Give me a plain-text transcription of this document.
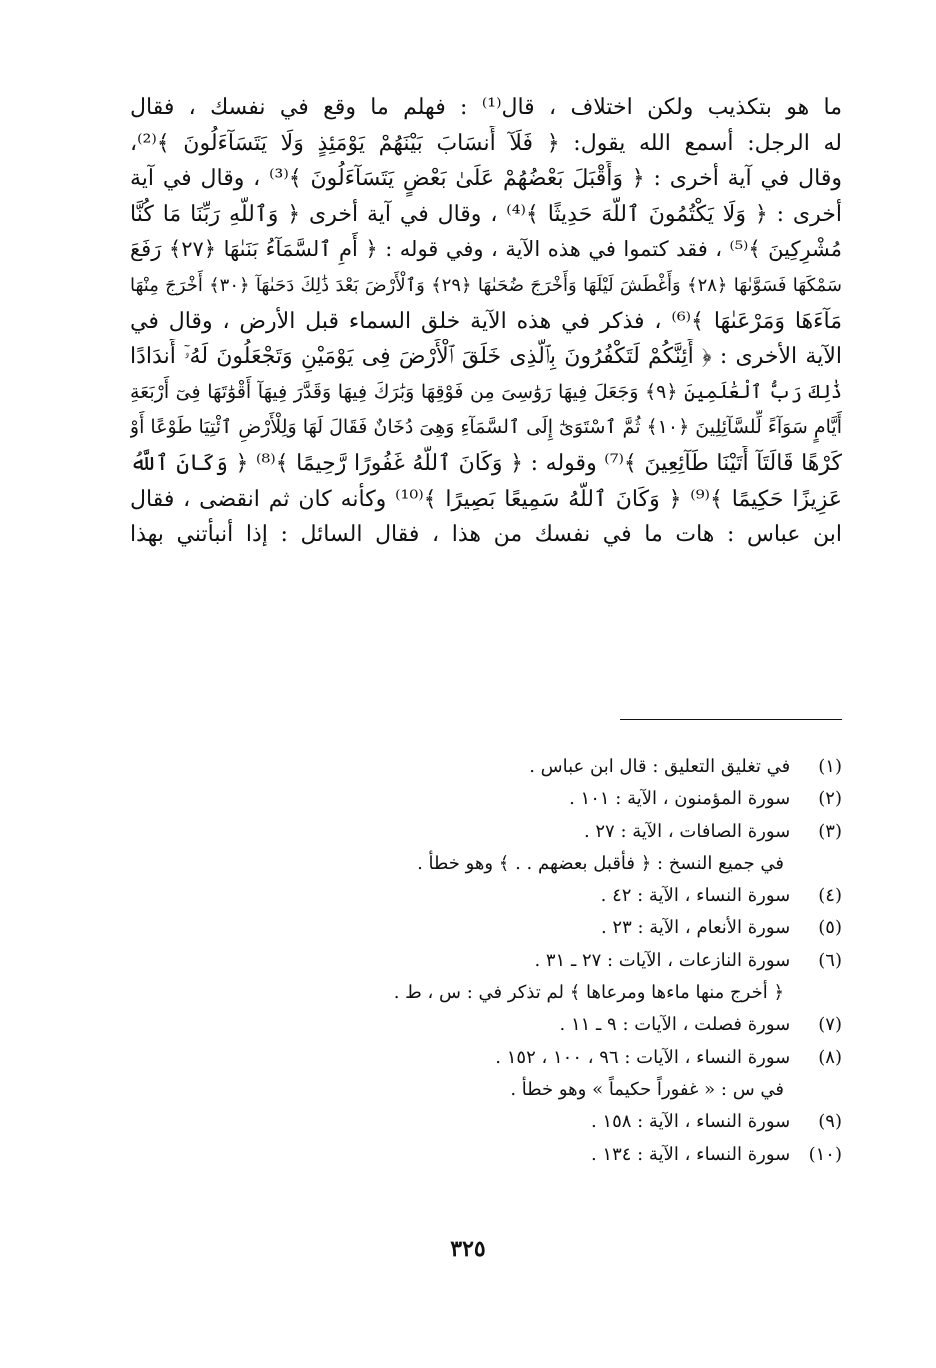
ما هو بتكذيب ولكن اختلاف ، قال⁽¹⁾ : فهلم ما وقع في نفسك ، فقال
له الرجل: أسمع الله يقول: ﴿ فَلَآ أَنسَابَ بَيْنَهُمْ يَوْمَئِذٍ وَلَا يَتَسَآءَلُونَ ﴾⁽²⁾،
وقال في آية أخرى : ﴿ وَأَقْبَلَ بَعْضُهُمْ عَلَىٰ بَعْضٍ يَتَسَآءَلُونَ ﴾⁽³⁾ ، وقال في آية
أخرى : ﴿ وَلَا يَكْتُمُونَ ٱللَّهَ حَدِيثًا ﴾⁽⁴⁾ ، وقال في آية أخرى ﴿ وَٱللَّهِ رَبِّنَا مَا كُنَّا
مُشْرِكِينَ ﴾⁽⁵⁾ ، فقد كتموا في هذه الآية ، وفي قوله : ﴿ أَمِ ٱلسَّمَآءُ بَنَىٰهَا ﴿٢٧﴾ رَفَعَ
سَمْكَهَا فَسَوَّىٰهَا ﴿٢٨﴾ وَأَغْطَشَ لَيْلَهَا وَأَخْرَجَ ضُحَىٰهَا ﴿٢٩﴾ وَٱلْأَرْضَ بَعْدَ ذَٰلِكَ دَحَىٰهَآ ﴿٣٠﴾ أَخْرَجَ مِنْهَا
مَآءَهَا وَمَرْعَىٰهَا ﴾⁽⁶⁾ ، فذكر في هذه الآية خلق السماء قبل الأرض ، وقال في
الآية الأخرى : ﴿ أَئِنَّكُمْ لَتَكْفُرُونَ بِٱلَّذِى خَلَقَ ٱلْأَرْضَ فِى يَوْمَيْنِ وَتَجْعَلُونَ لَهُۥٓ أَندَادًا
ذَٰلِكَ رَبُّ ٱلْعَٰلَمِينَ ﴿٩﴾ وَجَعَلَ فِيهَا رَوَٰسِىَ مِن فَوْقِهَا وَبَٰرَكَ فِيهَا وَقَدَّرَ فِيهَآ أَقْوَٰتَهَا فِىٓ أَرْبَعَةِ
أَيَّامٍ سَوَآءً لِّلسَّآئِلِينَ ﴿١٠﴾ ثُمَّ ٱسْتَوَىٰٓ إِلَى ٱلسَّمَآءِ وَهِىَ دُخَانٌ فَقَالَ لَهَا وَلِلْأَرْضِ ٱئْتِيَا طَوْعًا أَوْ
كَرْهًا قَالَتَآ أَتَيْنَا طَآئِعِينَ ﴾⁽⁷⁾ وقوله : ﴿ وَكَانَ ٱللَّهُ غَفُورًا رَّحِيمًا ﴾⁽⁸⁾ ﴿ وَكَانَ ٱللَّهُ
عَزِيزًا حَكِيمًا ﴾⁽⁹⁾ ﴿ وَكَانَ ٱللَّهُ سَمِيعًا بَصِيرًا ﴾⁽¹⁰⁾ وكأنه كان ثم انقضى ، فقال
ابن عباس : هات ما في نفسك من هذا ، فقال السائل : إذا أنبأتني بهذا
(١) في تغليق التعليق : قال ابن عباس .
(٢) سورة المؤمنون ، الآية : ١٠١ .
(٣) سورة الصافات ، الآية : ٢٧ .
في جميع النسخ : ﴿ فأقبل بعضهم . . ﴾ وهو خطأ .
(٤) سورة النساء ، الآية : ٤٢ .
(٥) سورة الأنعام ، الآية : ٢٣ .
(٦) سورة النازعات ، الآيات : ٢٧ ـ ٣١ .
﴿ أخرج منها ماءها ومرعاها ﴾ لم تذكر في : س ، ط .
(٧) سورة فصلت ، الآيات : ٩ ـ ١١ .
(٨) سورة النساء ، الآيات : ٩٦ ، ١٠٠ ، ١٥٢ .
في س : « غفوراً حكيماً » وهو خطأ .
(٩) سورة النساء ، الآية : ١٥٨ .
(١٠) سورة النساء ، الآية : ١٣٤ .
٣٢٥
